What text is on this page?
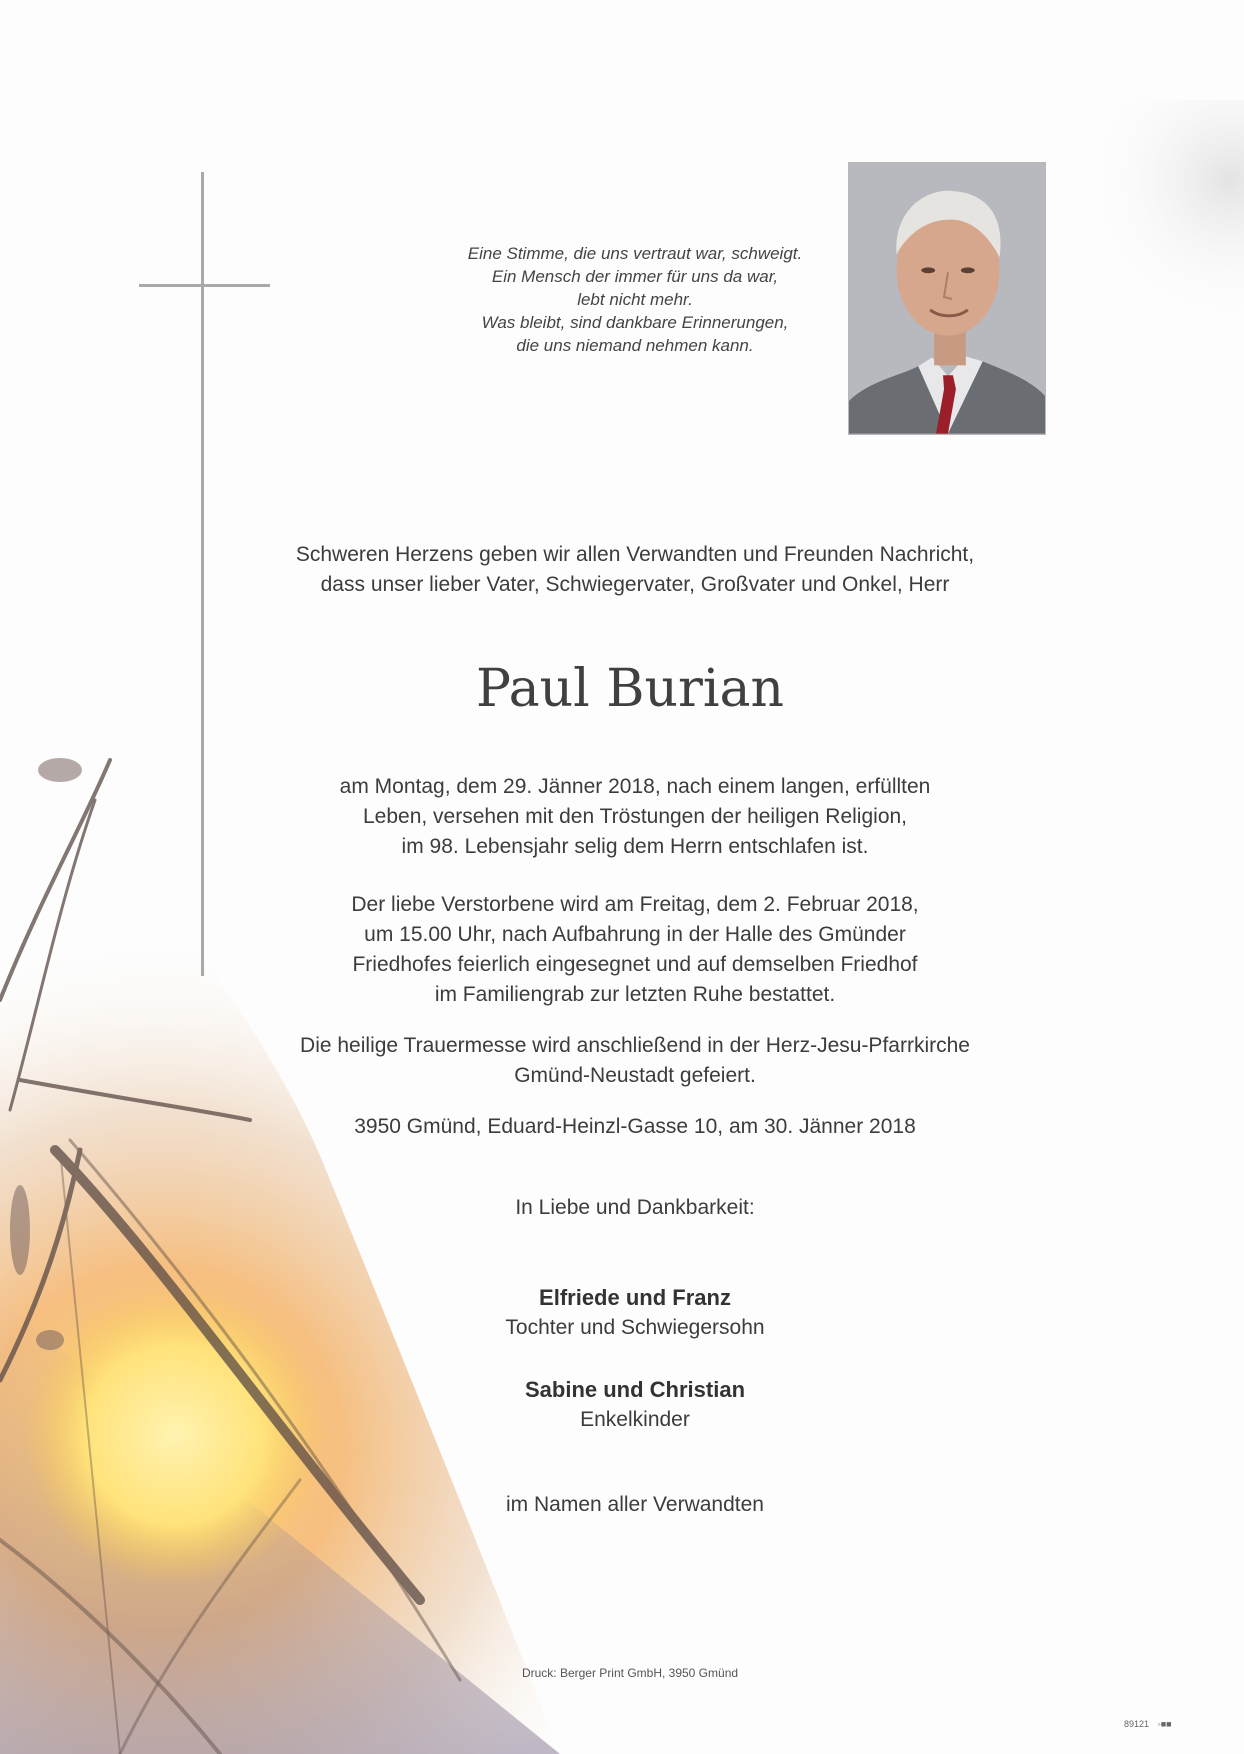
Eine Stimme, die uns vertraut war, schweigt.
Ein Mensch der immer für uns da war,
lebt nicht mehr.
Was bleibt, sind dankbare Erinnerungen,
die uns niemand nehmen kann.
Schweren Herzens geben wir allen Verwandten und Freunden Nachricht,
dass unser lieber Vater, Schwiegervater, Großvater und Onkel, Herr
Paul Burian
am Montag, dem 29. Jänner 2018, nach einem langen, erfüllten
Leben, versehen mit den Tröstungen der heiligen Religion,
im 98. Lebensjahr selig dem Herrn entschlafen ist.
Der liebe Verstorbene wird am Freitag, dem 2. Februar 2018,
um 15.00 Uhr, nach Aufbahrung in der Halle des Gmünder
Friedhofes feierlich eingesegnet und auf demselben Friedhof
im Familiengrab zur letzten Ruhe bestattet.
Die heilige Trauermesse wird anschließend in der Herz-Jesu-Pfarrkirche
Gmünd-Neustadt gefeiert.
3950 Gmünd, Eduard-Heinzl-Gasse 10, am 30. Jänner 2018
In Liebe und Dankbarkeit:
Elfriede und Franz
Tochter und Schwiegersohn
Sabine und Christian
Enkelkinder
im Namen aller Verwandten
Druck: Berger Print GmbH, 3950 Gmünd
89121 ◦■■
